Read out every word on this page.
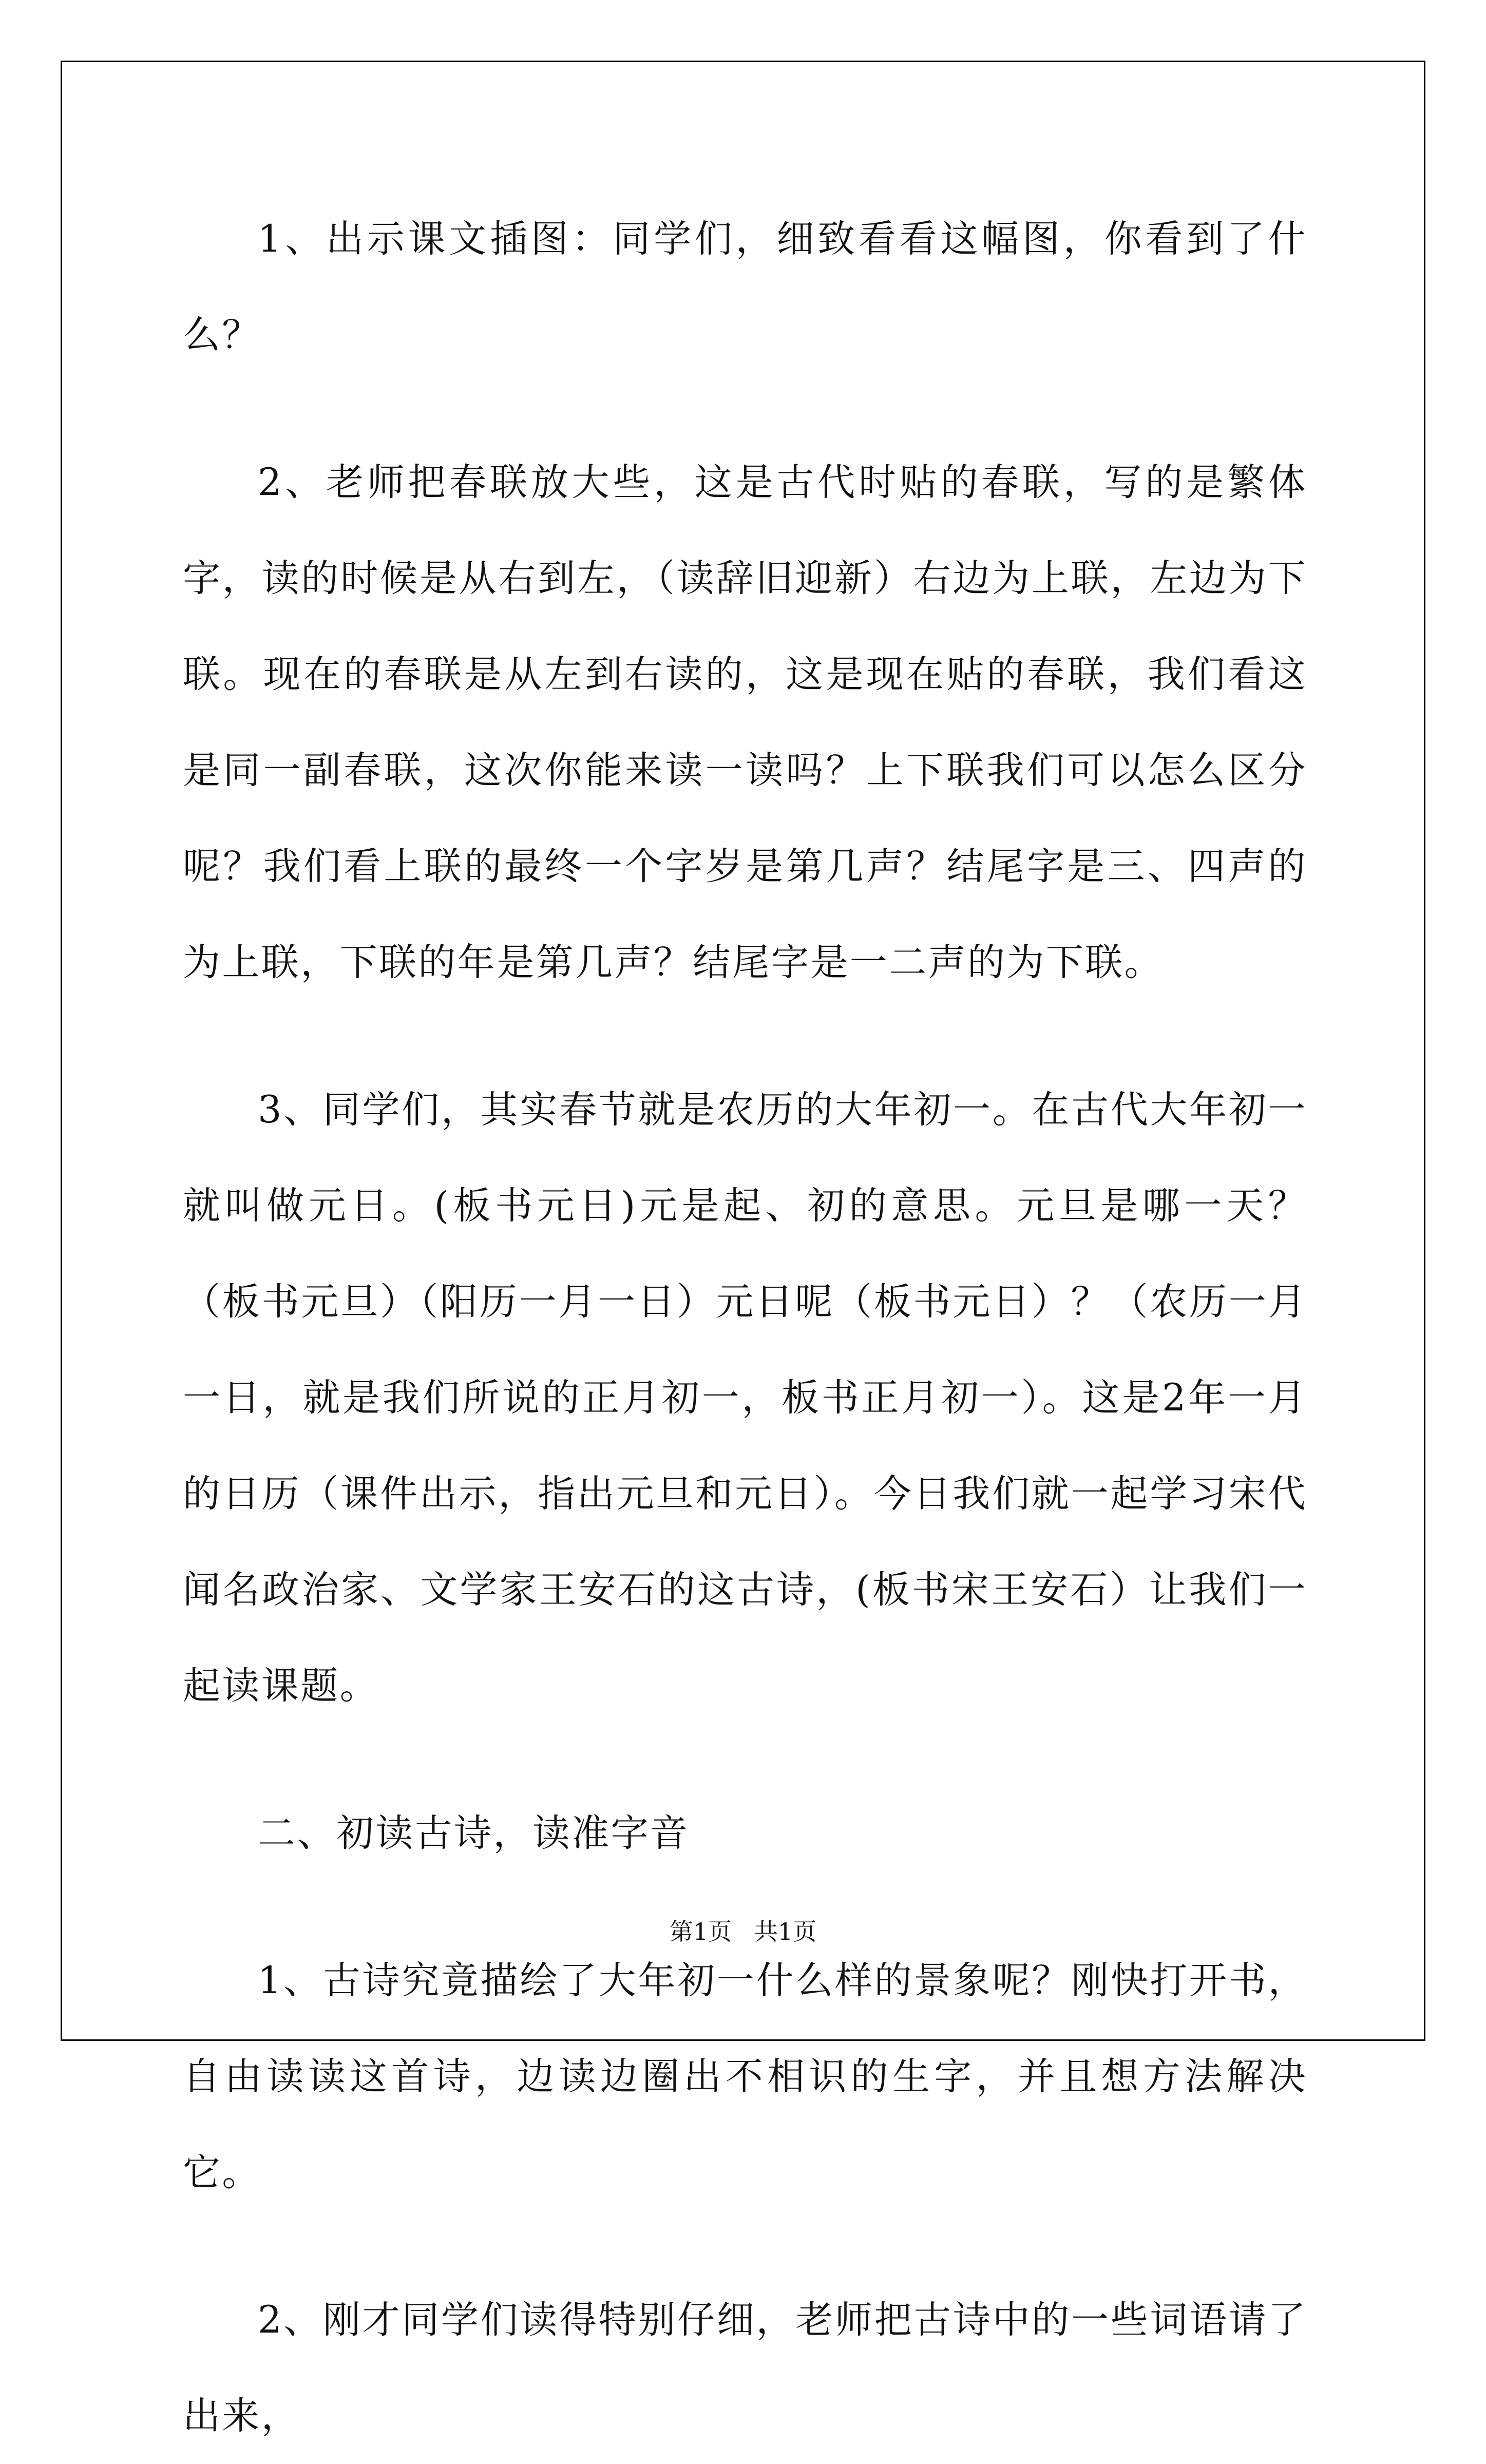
1、出示课文插图：同学们，细致看看这幅图，你看到了什么？

2、老师把春联放大些，这是古代时贴的春联，写的是繁体字，读的时候是从右到左，（读辞旧迎新）右边为上联，左边为下联。现在的春联是从左到右读的，这是现在贴的春联，我们看这是同一副春联，这次你能来读一读吗？上下联我们可以怎么区分呢？我们看上联的最终一个字岁是第几声？结尾字是三、四声的为上联，下联的年是第几声？结尾字是一二声的为下联。

3、同学们，其实春节就是农历的大年初一。在古代大年初一就叫做元日。(板书元日)元是起、初的意思。元旦是哪一天？（板书元旦）（阳历一月一日）元日呢（板书元日）？（农历一月一日，就是我们所说的正月初一，板书正月初一）。这是2年一月的日历（课件出示，指出元旦和元日）。今日我们就一起学习宋代闻名政治家、文学家王安石的这古诗，(板书宋王安石）让我们一起读课题。

二、初读古诗，读准字音

1、古诗究竟描绘了大年初一什么样的景象呢？刚快打开书，自由读读这首诗，边读边圈出不相识的生字，并且想方法解决它。

2、刚才同学们读得特别仔细，老师把古诗中的一些词语请了出来，

第1页   共1页
